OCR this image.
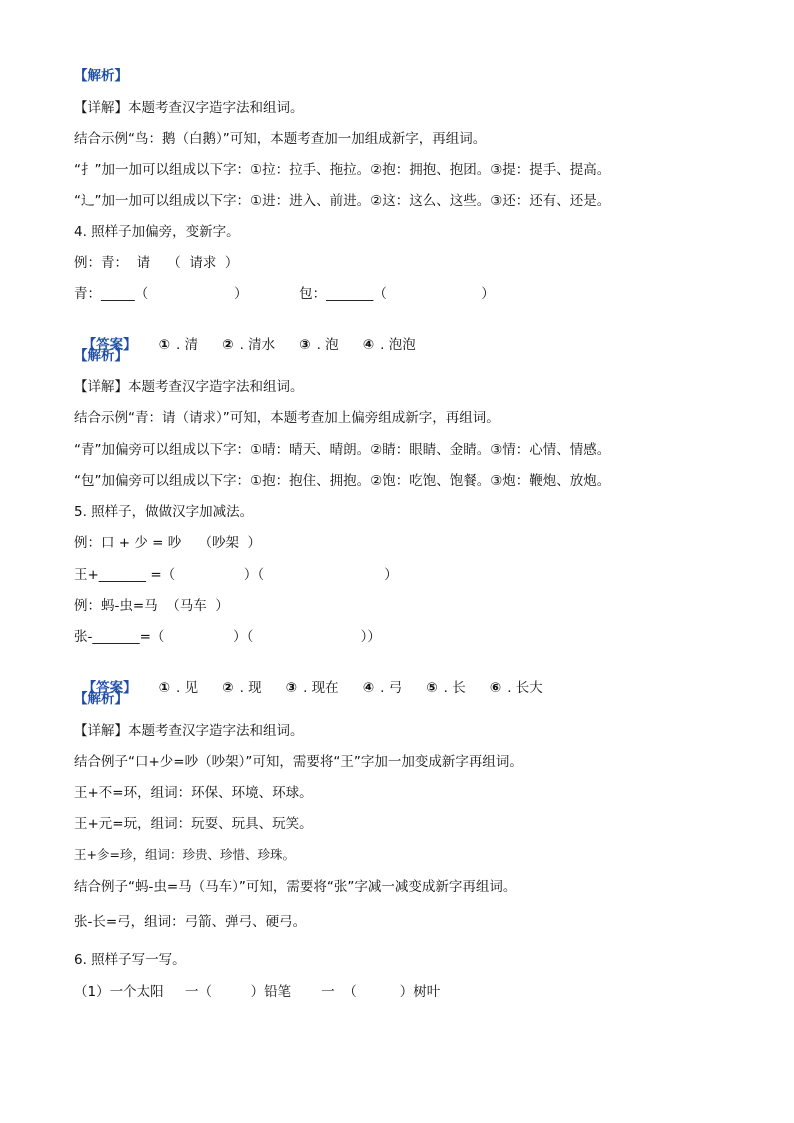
【解析】
【详解】本题考查汉字造字法和组词。
结合示例“鸟：鹅（白鹅）”可知，本题考查加一加组成新字，再组词。
“扌”加一加可以组成以下字：①拉：拉手、拖拉。②抱：拥抱、抱团。③提：提手、提高。
“辶”加一加可以组成以下字：①进：进入、前进。②这：这么、这些。③还：还有、还是。
4. 照样子加偏旁，变新字。
例：青：  请    （  请求  ）
青：_____（                    ）            包：_______（                      ）

【答案】 ① . 清 ② . 清水 ③ . 泡 ④ . 泡泡

【解析】
【详解】本题考查汉字造字法和组词。
结合示例“青：请（请求）”可知，本题考查加上偏旁组成新字，再组词。
“青”加偏旁可以组成以下字：①晴：晴天、晴朗。②睛：眼睛、金睛。③情：心情、情感。
“包”加偏旁可以组成以下字：①抱：抱住、拥抱。②饱：吃饱、饱餐。③炮：鞭炮、放炮。
5. 照样子，做做汉字加减法。
例：口 + 少 = 吵    （吵架  ）
王+_______ =（                ）（                            ）
例：蚂-虫=马  （马车  ）
张-_______=（                ）（                         ））

【答案】 ① . 见 ② . 现 ③ . 现在 ④ . 弓 ⑤ . 长 ⑥ . 长大

【解析】
【详解】本题考查汉字造字法和组词。
结合例子“口+少=吵（吵架）”可知，需要将“王”字加一加变成新字再组词。
王+不=环，组词：环保、环境、环球。
王+元=玩，组词：玩耍、玩具、玩笑。
王+㐱=珍，组词：珍贵、珍惜、珍珠。
结合例子“蚂-虫=马（马车）”可知，需要将“张”字减一减变成新字再组词。
张-长=弓，组词：弓箭、弹弓、硬弓。
6. 照样子写一写。
（1）一个太阳     一（         ）铅笔       一  （          ）树叶
